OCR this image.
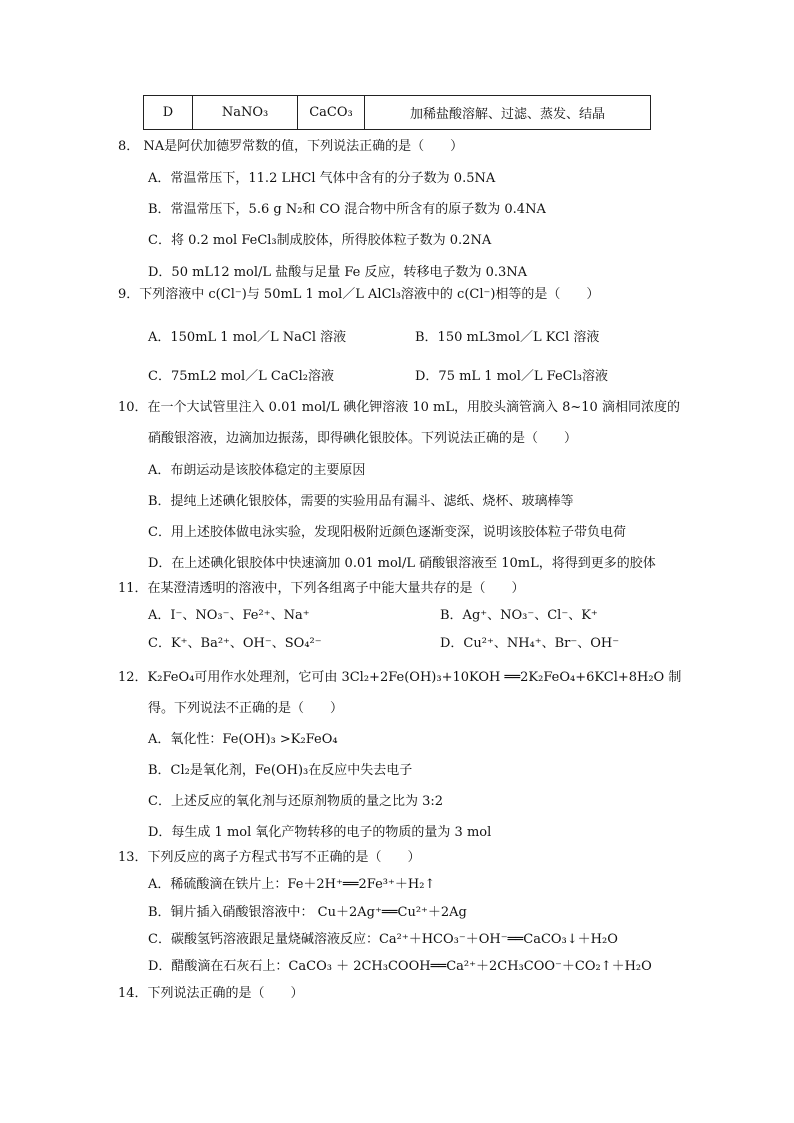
D	NaNO₃	CaCO₃	加稀盐酸溶解、过滤、蒸发、结晶
8． NA是阿伏加德罗常数的值，下列说法正确的是（　　）
A．常温常压下，11.2 LHCl 气体中含有的分子数为 0.5NA
B．常温常压下，5.6 g N₂和 CO 混合物中所含有的原子数为 0.4NA
C．将 0.2 mol FeCl₃制成胶体，所得胶体粒子数为 0.2NA
D．50 mL12 mol/L 盐酸与足量 Fe 反应，转移电子数为 0.3NA
9．下列溶液中 c(Cl⁻)与 50mL 1 mol／L AlCl₃溶液中的 c(Cl⁻)相等的是（　　）
A．150mL 1 mol／L NaCl 溶液	B．150 mL3mol／L KCl 溶液
C．75mL2 mol／L CaCl₂溶液	D．75 mL 1 mol／L FeCl₃溶液
10．在一个大试管里注入 0.01 mol/L 碘化钾溶液 10 mL，用胶头滴管滴入 8~10 滴相同浓度的
硝酸银溶液，边滴加边振荡，即得碘化银胶体。下列说法正确的是（　　）
A．布朗运动是该胶体稳定的主要原因
B．提纯上述碘化银胶体，需要的实验用品有漏斗、滤纸、烧杯、玻璃棒等
C．用上述胶体做电泳实验，发现阳极附近颜色逐渐变深，说明该胶体粒子带负电荷
D．在上述碘化银胶体中快速滴加 0.01 mol/L 硝酸银溶液至 10mL，将得到更多的胶体
11．在某澄清透明的溶液中，下列各组离子中能大量共存的是（　　）
A．I⁻、NO₃⁻、Fe²⁺、Na⁺	B．Ag⁺、NO₃⁻、Cl⁻、K⁺
C．K⁺、Ba²⁺、OH⁻、SO₄²⁻	D．Cu²⁺、NH₄⁺、Br⁻、OH⁻
12．K₂FeO₄可用作水处理剂，它可由 3Cl₂+2Fe(OH)₃+10KOH ══2K₂FeO₄+6KCl+8H₂O 制
得。下列说法不正确的是（　　）
A．氧化性：Fe(OH)₃ >K₂FeO₄
B．Cl₂是氧化剂，Fe(OH)₃在反应中失去电子
C．上述反应的氧化剂与还原剂物质的量之比为 3:2
D．每生成 1 mol 氧化产物转移的电子的物质的量为 3 mol
13．下列反应的离子方程式书写不正确的是（　　）
A．稀硫酸滴在铁片上：Fe＋2H⁺══2Fe³⁺＋H₂↑
B．铜片插入硝酸银溶液中： Cu＋2Ag⁺══Cu²⁺＋2Ag
C．碳酸氢钙溶液跟足量烧碱溶液反应：Ca²⁺＋HCO₃⁻＋OH⁻══CaCO₃↓＋H₂O
D．醋酸滴在石灰石上：CaCO₃ ＋ 2CH₃COOH══Ca²⁺＋2CH₃COO⁻＋CO₂↑＋H₂O
14．下列说法正确的是（　　）
